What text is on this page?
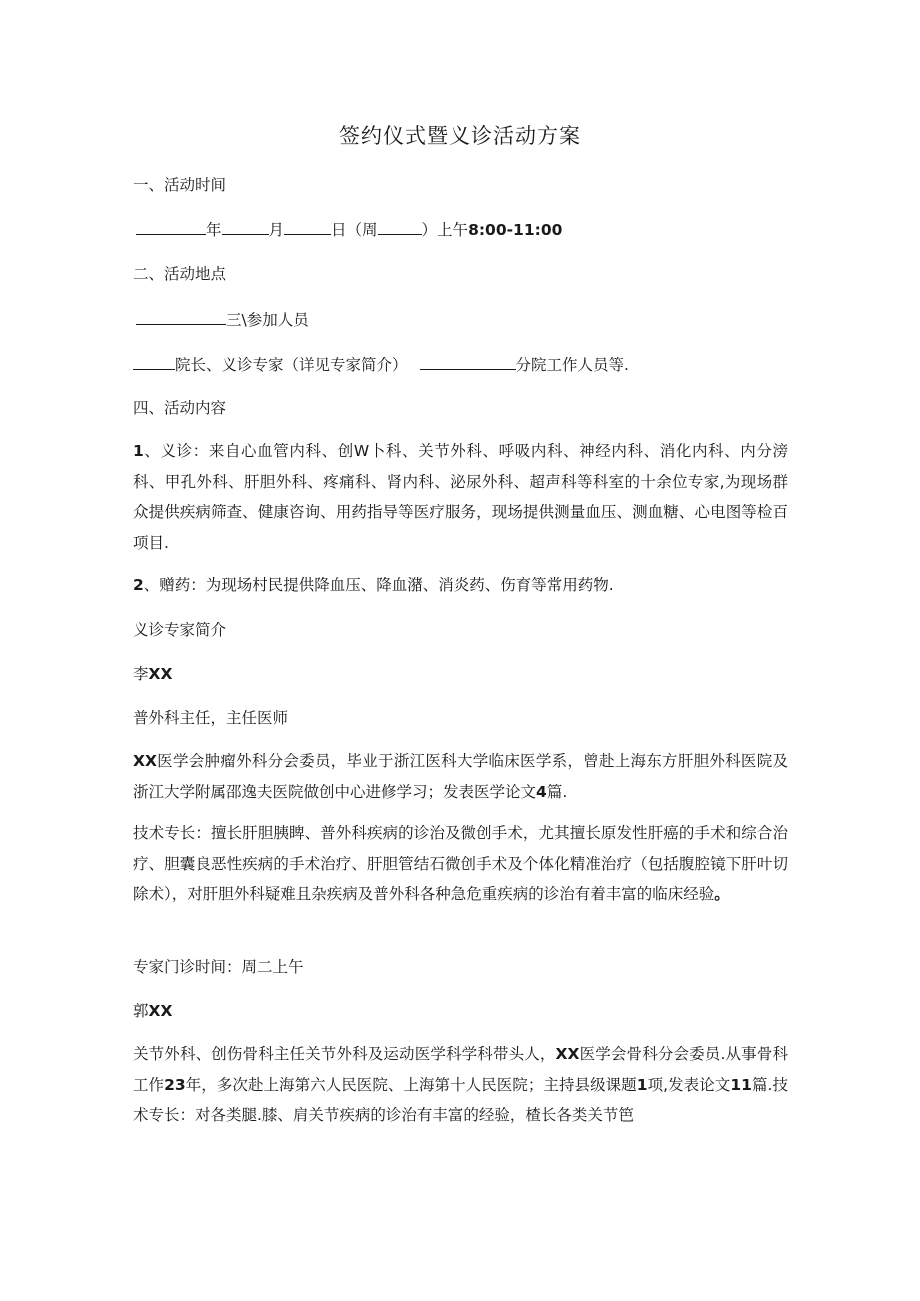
签约仪式暨义诊活动方案
一、活动时间
年	月	日（周	）上午8:00-11:00
二、活动地点
三\参加人员
院长、义诊专家（详见专家简介）	分院工作人员等.
四、活动内容
1、义诊：来自心血管内科、创W卜科、关节外科、呼吸内科、神经内科、消化内科、内分滂科、甲孔外科、肝胆外科、疼痛科、肾内科、泌尿外科、超声科等科室的十余位专家,为现场群众提供疾病筛查、健康咨询、用药指导等医疗服务，现场提供测量血压、测血糖、心电图等检百项目.
2、赠药：为现场村民提供降血压、降血潴、消炎药、伤育等常用药物.
义诊专家简介
李XX
普外科主任，主任医师
XX医学会肿瘤外科分会委员，毕业于浙江医科大学临床医学系，曾赴上海东方肝胆外科医院及浙江大学附属邵逸夫医院做创中心进修学习；发表医学论文4篇.
技术专长：擅长肝胆胰睥、普外科疾病的诊治及微创手术，尤其擅长原发性肝癌的手术和综合治疗、胆囊良恶性疾病的手术治疗、肝胆管结石微创手术及个体化精准治疗（包括腹腔镜下肝叶切除术），对肝胆外科疑难且杂疾病及普外科各种急危重疾病的诊治有着丰富的临床经验。
专家门诊时间：周二上午
郭XX
关节外科、创伤骨科主任关节外科及运动医学科学科带头人，XX医学会骨科分会委员.从事骨科工作23年，多次赴上海第六人民医院、上海第十人民医院；主持县级课题1项,发表论文11篇.技术专长：对各类腿.膝、肩关节疾病的诊治有丰富的经验，楂长各类关节笆
